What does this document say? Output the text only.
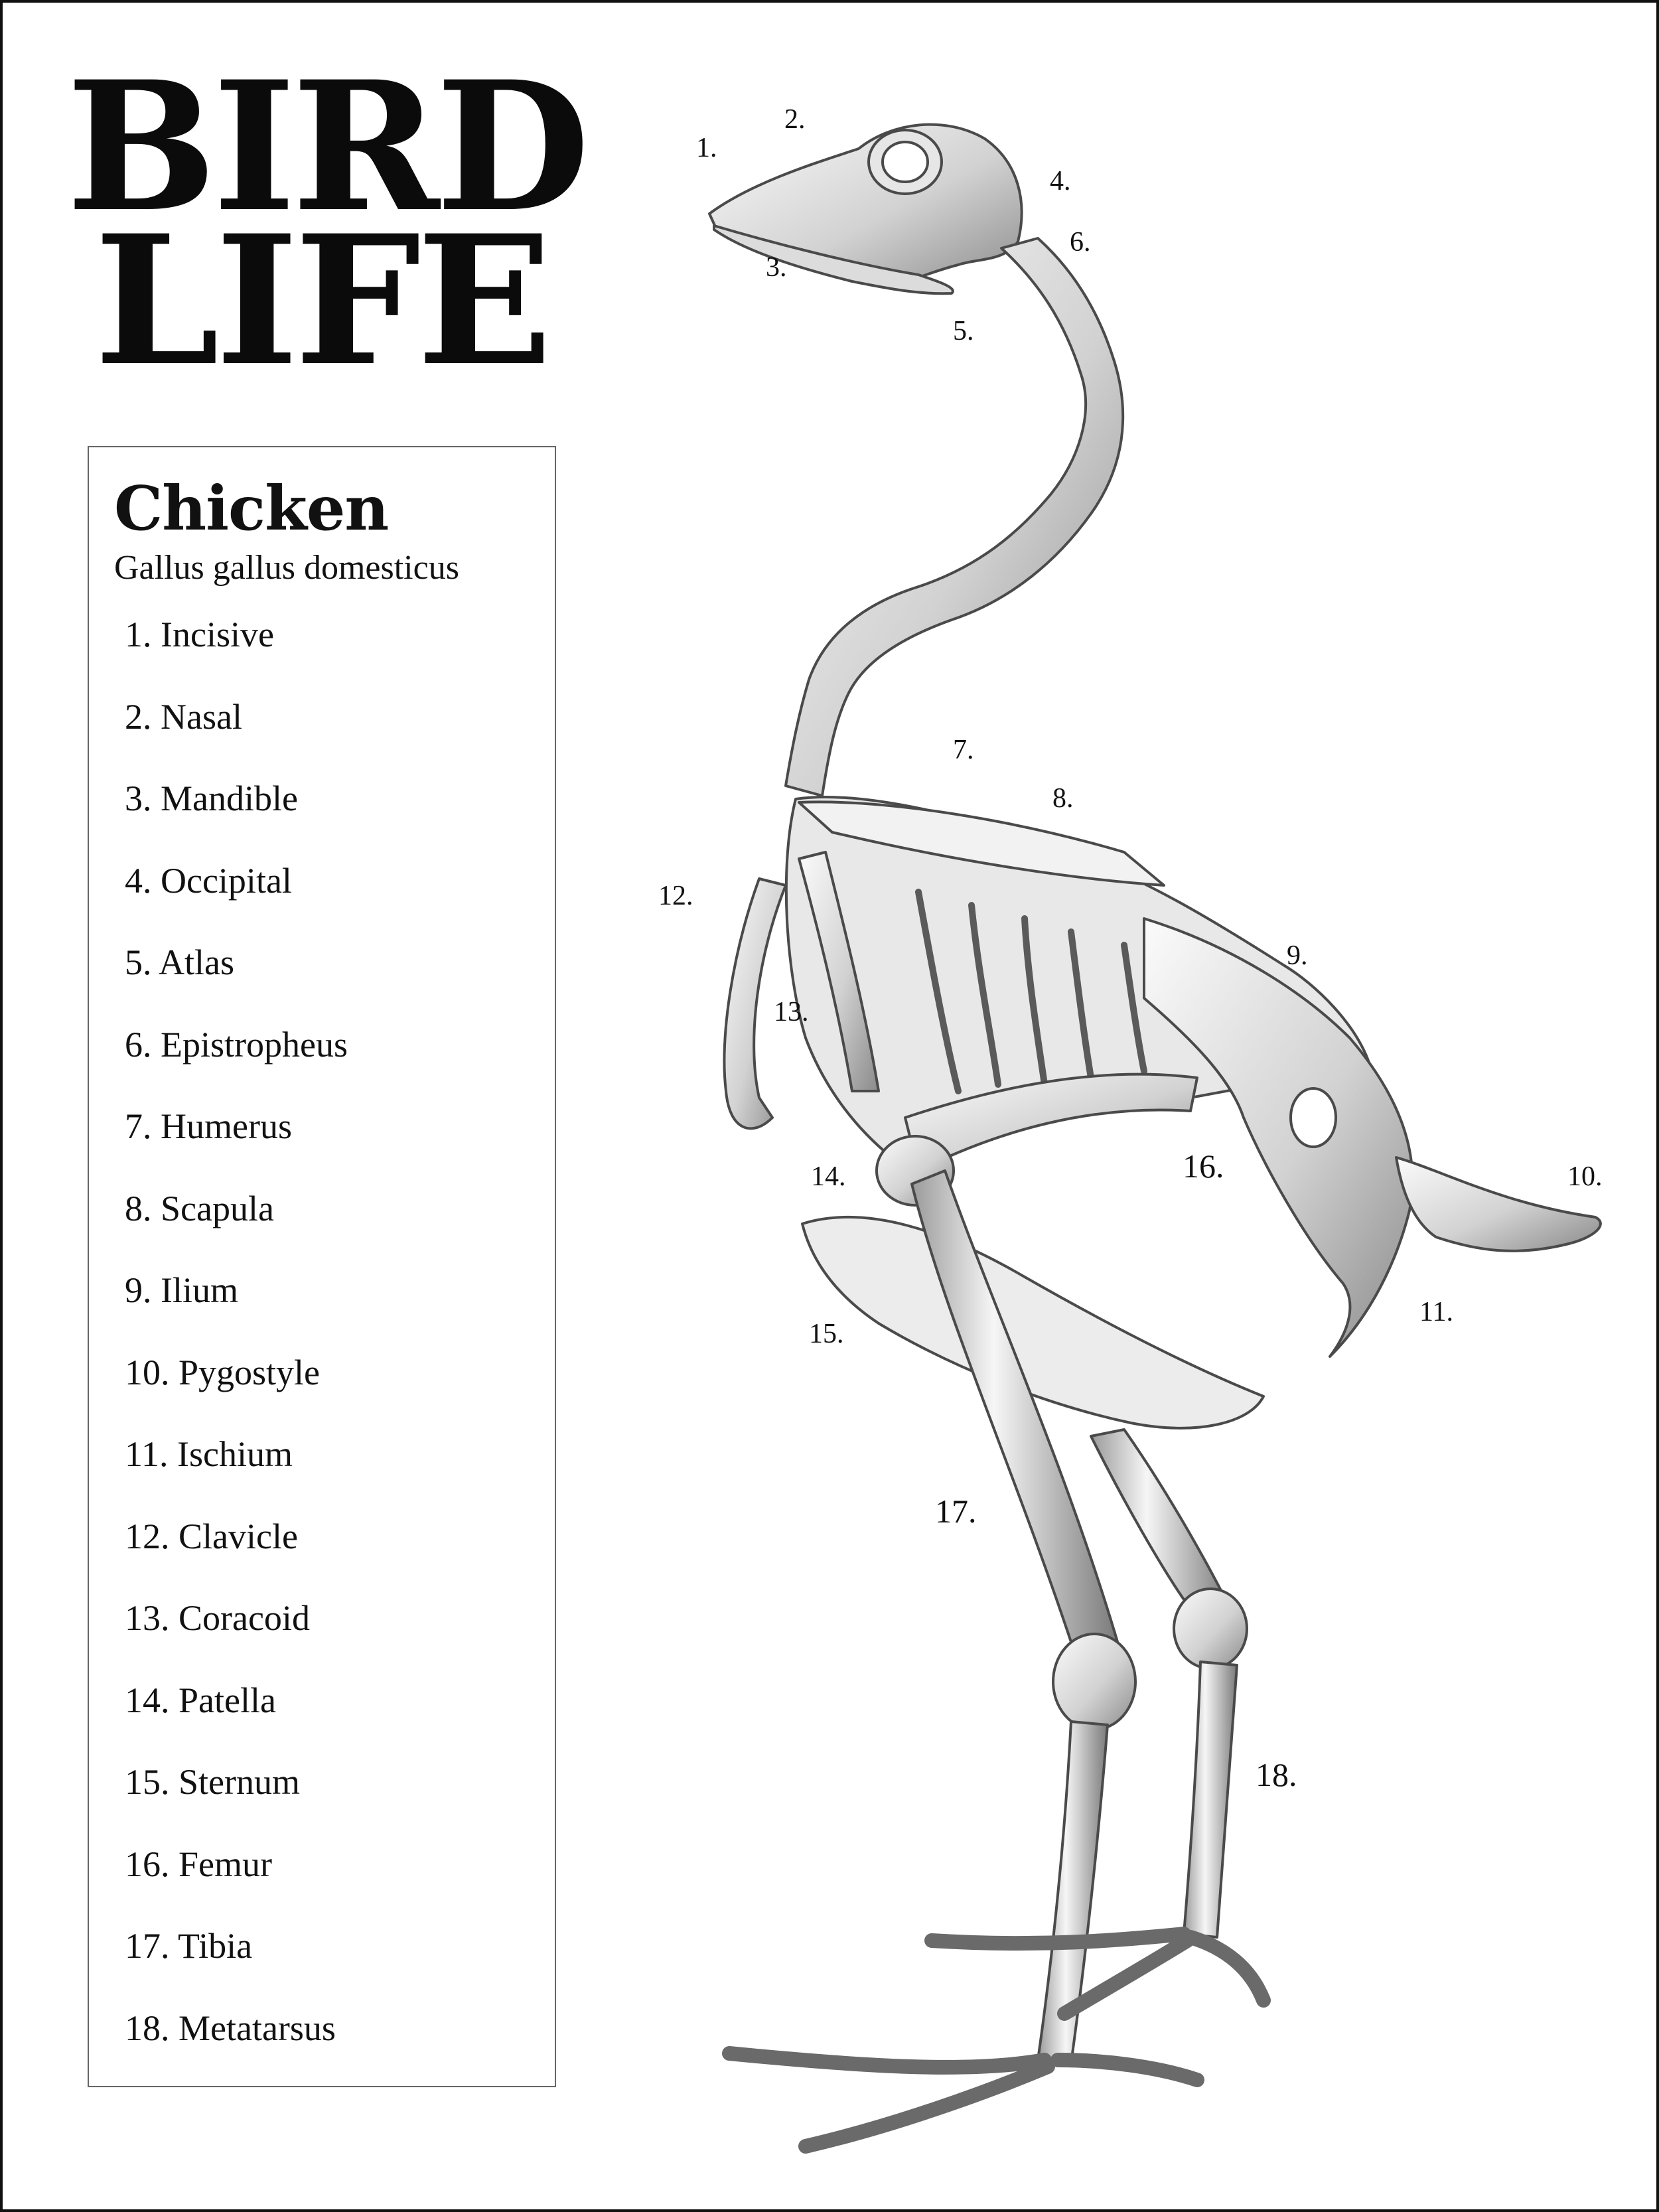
BIRD
LIFE
Chicken
Gallus gallus domesticus
1. Incisive
2. Nasal
3. Mandible
4. Occipital
5. Atlas
6. Epistropheus
7. Humerus
8. Scapula
9. Ilium
10. Pygostyle
11. Ischium
12. Clavicle
13. Coracoid
14. Patella
15. Sternum
16. Femur
17. Tibia
18. Metatarsus
1.
2.
3.
4.
5.
6.
7.
8.
9.
10.
11.
12.
13.
14.
15.
16.
17.
18.
